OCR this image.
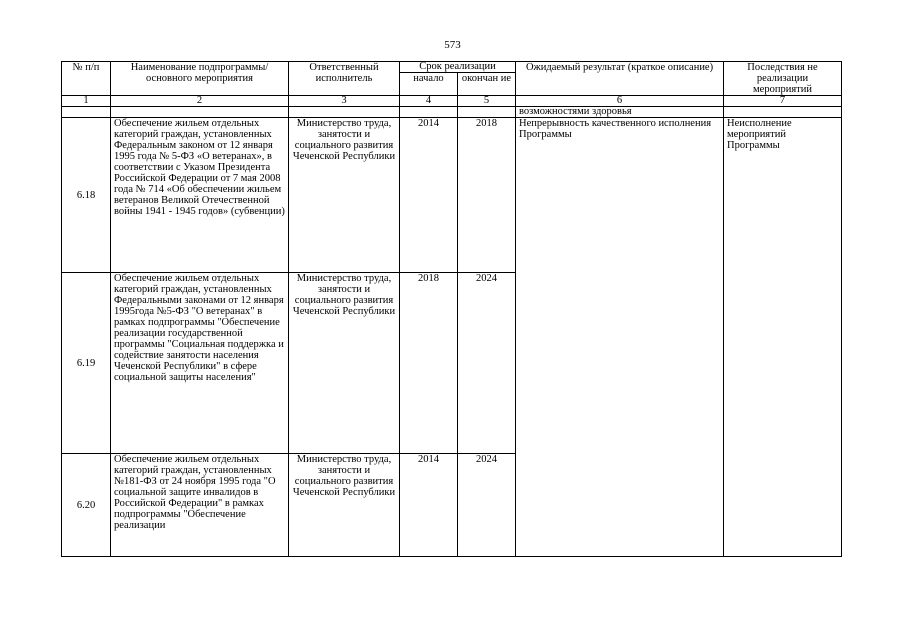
573
№ п/п	Наименование подпрограммы/ основного мероприятия	Ответственный исполнитель	Срок реализации		Ожидаемый результат (краткое описание)	Последствия не реализации мероприятий
			начало	окончан ие		
1	2	3	4	5	6	7
					возможностями здоровья	
6.18	Обеспечение жильем отдельных категорий граждан, установленных Федеральным законом от 12 января 1995 года № 5-ФЗ «О ветеранах», в соответствии с Указом Президента Российской Федерации от 7 мая 2008 года № 714 «Об обеспечении жильем ветеранов Великой Отечественной войны 1941 - 1945 годов» (субвенции)	Министерство труда, занятости и социального развития Чеченской Республики	2014	2018	Непрерывность качественного исполнения Программы	Неисполнение мероприятий Программы
6.19	Обеспечение жильем отдельных категорий граждан, установленных Федеральными законами от 12 января 1995года №5-ФЗ "О ветеранах" в рамках подпрограммы "Обеспечение реализации государственной программы "Социальная поддержка и содействие занятости населения Чеченской Республики" в сфере социальной защиты населения"	Министерство труда, занятости и социального развития Чеченской Республики	2018	2024		
6.20	Обеспечение жильем отдельных категорий граждан, установленных №181-ФЗ от 24 ноября 1995 года "О социальной защите инвалидов в Российской Федерации" в рамках подпрограммы "Обеспечение реализации	Министерство труда, занятости и социального развития Чеченской Республики	2014	2024		
